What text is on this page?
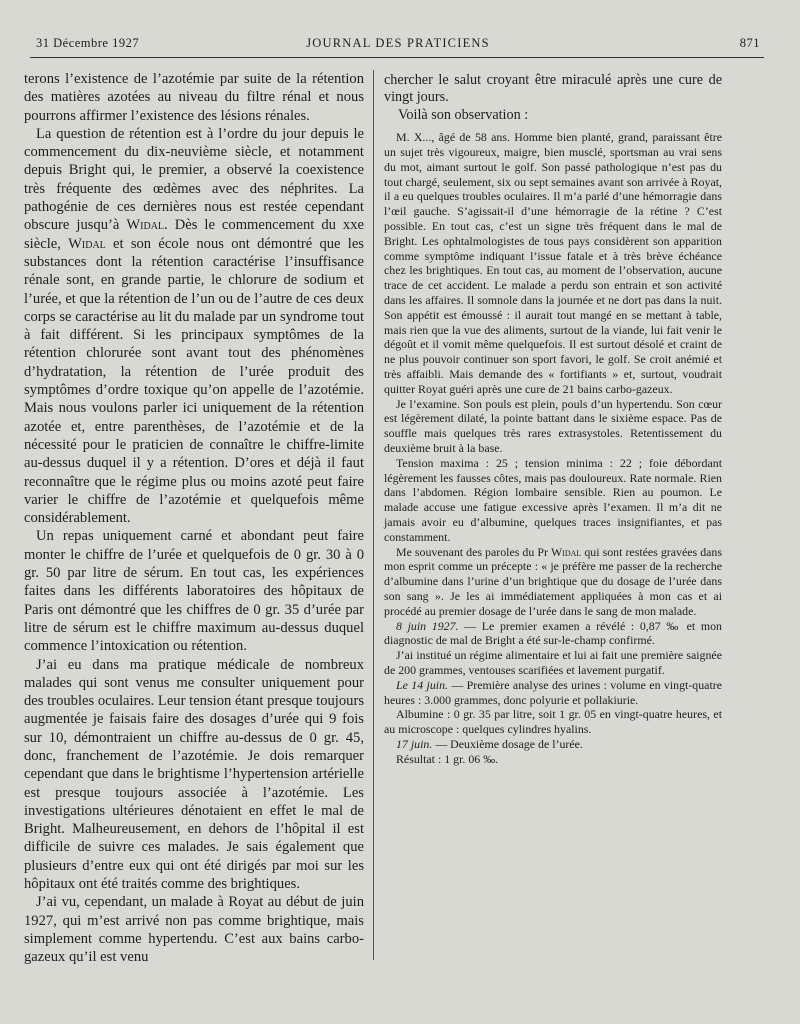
31 Décembre 1927	JOURNAL DES PRATICIENS	871

terons l’existence de l’azotémie par suite de la rétention des matières azotées au niveau du filtre rénal et nous pourrons affirmer l’existence des lésions rénales.

La question de rétention est à l’ordre du jour depuis le commencement du dix-neuvième siècle, et notamment depuis Bright qui, le premier, a observé la coexistence très fréquente des œdèmes avec des néphrites. La pathogénie de ces dernières nous est restée cependant obscure jusqu’à Widal. Dès le commencement du xxe siècle, Widal et son école nous ont démontré que les substances dont la rétention caractérise l’insuffisance rénale sont, en grande partie, le chlorure de sodium et l’urée, et que la rétention de l’un ou de l’autre de ces deux corps se caractérise au lit du malade par un syndrome tout à fait différent. Si les principaux symptômes de la rétention chlorurée sont avant tout des phénomènes d’hydratation, la rétention de l’urée produit des symptômes d’ordre toxique qu’on appelle de l’azotémie. Mais nous voulons parler ici uniquement de la rétention azotée et, entre parenthèses, de l’azotémie et de la nécessité pour le praticien de connaître le chiffre-limite au-dessus duquel il y a rétention. D’ores et déjà il faut reconnaître que le régime plus ou moins azoté peut faire varier le chiffre de l’azotémie et quelquefois même considérablement.

Un repas uniquement carné et abondant peut faire monter le chiffre de l’urée et quelquefois de 0 gr. 30 à 0 gr. 50 par litre de sérum. En tout cas, les expériences faites dans les différents laboratoires des hôpitaux de Paris ont démontré que les chiffres de 0 gr. 35 d’urée par litre de sérum est le chiffre maximum au-dessus duquel commence l’intoxication ou rétention.

J’ai eu dans ma pratique médicale de nombreux malades qui sont venus me consulter uniquement pour des troubles oculaires. Leur tension étant presque toujours augmentée je faisais faire des dosages d’urée qui 9 fois sur 10, démontraient un chiffre au-dessus de 0 gr. 45, donc, franchement de l’azotémie. Je dois remarquer cependant que dans le brightisme l’hypertension artérielle est presque toujours associée à l’azotémie. Les investigations ultérieures dénotaient en effet le mal de Bright. Malheureusement, en dehors de l’hôpital il est difficile de suivre ces malades. Je sais également que plusieurs d’entre eux qui ont été dirigés par moi sur les hôpitaux ont été traités comme des brightiques.

J’ai vu, cependant, un malade à Royat au début de juin 1927, qui m’est arrivé non pas comme brightique, mais simplement comme hypertendu. C’est aux bains carbo-gazeux qu’il est venu

chercher le salut croyant être miraculé après une cure de vingt jours.

Voilà son observation :

M. X..., âgé de 58 ans. Homme bien planté, grand, paraissant être un sujet très vigoureux, maigre, bien musclé, sportsman au vrai sens du mot, aimant surtout le golf. Son passé pathologique n’est pas du tout chargé, seulement, six ou sept semaines avant son arrivée à Royat, il a eu quelques troubles oculaires. Il m’a parlé d’une hémorragie dans l’œil gauche. S’agissait-il d’une hémorragie de la rétine ? C’est possible. En tout cas, c’est un signe très fréquent dans le mal de Bright. Les ophtalmologistes de tous pays considèrent son apparition comme symptôme indiquant l’issue fatale et à très brève échéance chez les brightiques. En tout cas, au moment de l’observation, aucune trace de cet accident. Le malade a perdu son entrain et son activité dans les affaires. Il somnole dans la journée et ne dort pas dans la nuit. Son appétit est émoussé : il aurait tout mangé en se mettant à table, mais rien que la vue des aliments, surtout de la viande, lui fait venir le dégoût et il vomit même quelquefois. Il est surtout désolé et craint de ne plus pouvoir continuer son sport favori, le golf. Se croit anémié et très affaibli. Mais demande des « fortifiants » et, surtout, voudrait quitter Royat guéri après une cure de 21 bains carbo-gazeux.

Je l’examine. Son pouls est plein, pouls d’un hypertendu. Son cœur est légèrement dilaté, la pointe battant dans le sixième espace. Pas de souffle mais quelques très rares extrasystoles. Retentissement du deuxième bruit à la base.

Tension maxima : 25 ; tension minima : 22 ; foie débordant légèrement les fausses côtes, mais pas douloureux. Rate normale. Rien dans l’abdomen. Région lombaire sensible. Rien au poumon. Le malade accuse une fatigue excessive après l’examen. Il m’a dit ne jamais avoir eu d’albumine, quelques traces insignifiantes, et pas constamment.

Me souvenant des paroles du Pr Widal qui sont restées gravées dans mon esprit comme un précepte : « je préfère me passer de la recherche d’albumine dans l’urine d’un brightique que du dosage de l’urée dans son sang ». Je les ai immédiatement appliquées à mon cas et ai procédé au premier dosage de l’urée dans le sang de mon malade.

8 juin 1927. — Le premier examen a révélé : 0,87 ‰ et mon diagnostic de mal de Bright a été sur-le-champ confirmé.

J’ai institué un régime alimentaire et lui ai fait une première saignée de 200 grammes, ventouses scarifiées et lavement purgatif.

Le 14 juin. — Première analyse des urines : volume en vingt-quatre heures : 3.000 grammes, donc polyurie et pollakiurie.

Albumine : 0 gr. 35 par litre, soit 1 gr. 05 en vingt-quatre heures, et au microscope : quelques cylindres hyalins.

17 juin. — Deuxième dosage de l’urée.

Résultat : 1 gr. 06 ‰.
